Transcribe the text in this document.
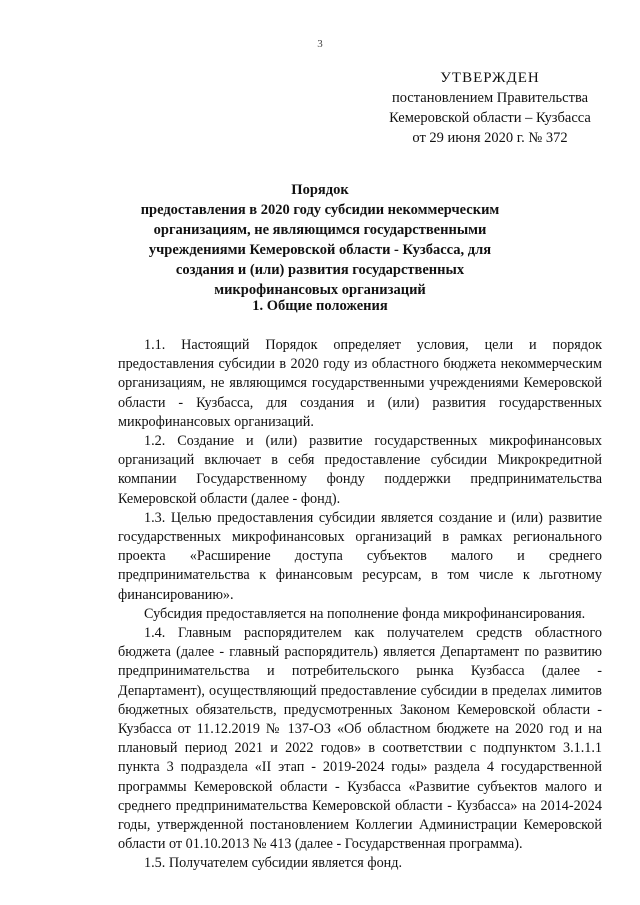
3
УТВЕРЖДЕН
постановлением Правительства
Кемеровской области – Кузбасса
от 29 июня 2020 г. № 372
Порядок
предоставления в 2020 году субсидии некоммерческим
организациям, не являющимся государственными
учреждениями Кемеровской области - Кузбасса, для
создания и (или) развития государственных
микрофинансовых организаций
1. Общие положения

1.1. Настоящий Порядок определяет условия, цели и порядок предоставления субсидии в 2020 году из областного бюджета некоммерческим организациям, не являющимся государственными учреждениями Кемеровской области - Кузбасса, для создания и (или) развития государственных микрофинансовых организаций.

1.2. Создание и (или) развитие государственных микрофинансовых организаций включает в себя предоставление субсидии Микрокредитной компании Государственному фонду поддержки предпринимательства Кемеровской области (далее - фонд).

1.3. Целью предоставления субсидии является создание и (или) развитие государственных микрофинансовых организаций в рамках регионального проекта «Расширение доступа субъектов малого и среднего предпринимательства к финансовым ресурсам, в том числе к льготному финансированию».

Субсидия предоставляется на пополнение фонда микрофинансирования.

1.4. Главным распорядителем как получателем средств областного бюджета (далее - главный распорядитель) является Департамент по развитию предпринимательства и потребительского рынка Кузбасса (далее - Департамент), осуществляющий предоставление субсидии в пределах лимитов бюджетных обязательств, предусмотренных Законом Кемеровской области - Кузбасса от 11.12.2019 № 137-ОЗ «Об областном бюджете на 2020 год и на плановый период 2021 и 2022 годов» в соответствии с подпунктом 3.1.1.1 пункта 3 подраздела «II этап - 2019-2024 годы» раздела 4 государственной программы Кемеровской области - Кузбасса «Развитие субъектов малого и среднего предпринимательства Кемеровской области - Кузбасса» на 2014-2024 годы, утвержденной постановлением Коллегии Администрации Кемеровской области от 01.10.2013 № 413 (далее - Государственная программа).

1.5. Получателем субсидии является фонд.
